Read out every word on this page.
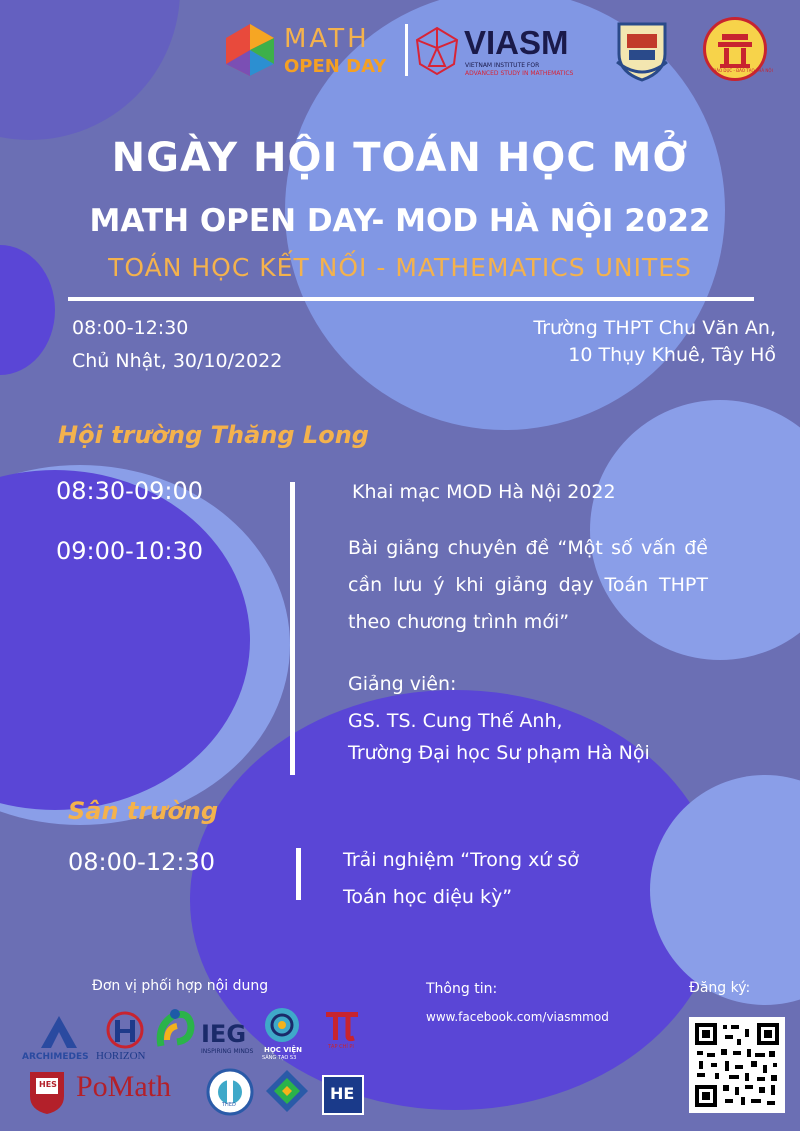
MATH
OPEN DAY
VIASM
VIETNAM INSTITUTE FOR
ADVANCED STUDY IN MATHEMATICS	GIÁO DỤC - ĐÀO TẠO · HÀ NỘI
NGÀY HỘI TOÁN HỌC MỞ
MATH OPEN DAY- MOD HÀ NỘI 2022
TOÁN HỌC KẾT NỐI - MATHEMATICS UNITES
08:00-12:30
Chủ Nhật, 30/10/2022
Trường THPT Chu Văn An,
10 Thụy Khuê, Tây Hồ
Hội trường Thăng Long
08:30-09:00	Khai mạc MOD Hà Nội 2022
09:00-10:30	Bài giảng chuyên đề “Một số vấn đề cần lưu ý khi giảng dạy Toán THPT theo chương trình mới”
Giảng viên:
GS. TS. Cung Thế Anh,
Trường Đại học Sư phạm Hà Nội
Sân trường
08:00-12:30	Trải nghiệm “Trong xứ sở
Toán học diệu kỳ”
Đơn vị phối hợp nội dung	Thông tin:
www.facebook.com/viasmmod
Đăng ký:
ARCHIMEDES HORIZON
IEG
INSPIRING MINDS HỌC VIỆN
SÁNG TẠO S3
TẠP CHÍ PI
HES PoMath
THED
HE
